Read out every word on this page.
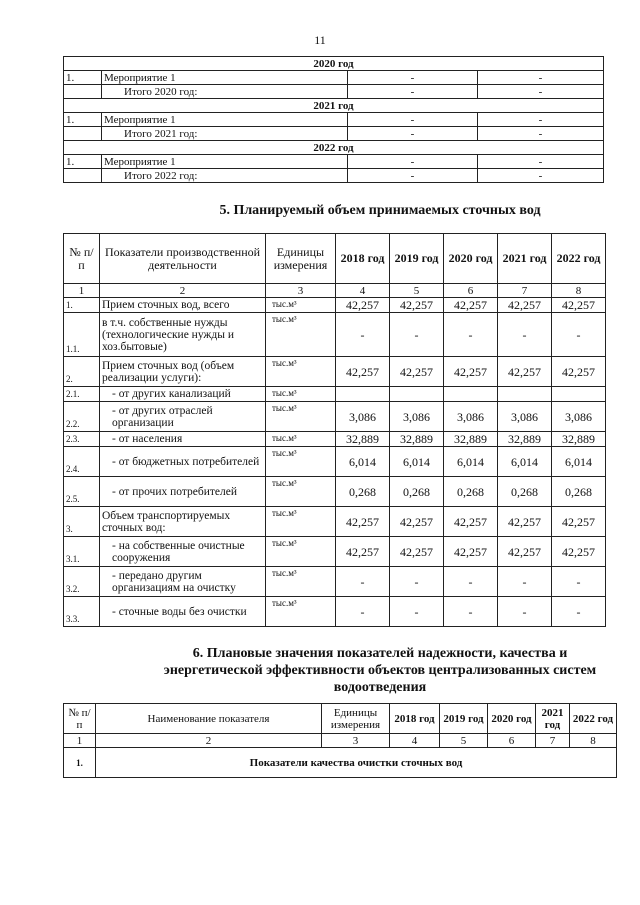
11
2020 год			
1.	Мероприятие 1	-	-
	Итого 2020 год:	-	-
2021 год			
1.	Мероприятие 1	-	-
	Итого 2021 год:	-	-
2022 год			
1.	Мероприятие 1	-	-
	Итого 2022 год:	-	-
5. Планируемый объем принимаемых сточных вод
№ п/ п	Показатели производственной деятельности	Единицы измерения	2018 год	2019 год	2020 год	2021 год	2022 год
1	2	3	4	5	6	7	8
1.	Прием сточных вод, всего	тыс.м³	42,257	42,257	42,257	42,257	42,257
1.1.	в т.ч. собственные нужды (технологические нужды и хоз.бытовые)	тыс.м³	-	-	-	-	-
2.	Прием сточных вод (объем реализации услуги):	тыс.м³	42,257	42,257	42,257	42,257	42,257
2.1.	- от других канализаций	тыс.м³					
2.2.	- от других отраслей организации	тыс.м³	3,086	3,086	3,086	3,086	3,086
2.3.	- от населения	тыс.м³	32,889	32,889	32,889	32,889	32,889
2.4.	- от бюджетных потребителей	тыс.м³	6,014	6,014	6,014	6,014	6,014
2.5.	- от прочих потребителей	тыс.м³	0,268	0,268	0,268	0,268	0,268
3.	Объем транспортируемых сточных вод:	тыс.м³	42,257	42,257	42,257	42,257	42,257
3.1.	- на собственные очистные сооружения	тыс.м³	42,257	42,257	42,257	42,257	42,257
3.2.	- передано другим организациям на очистку	тыс.м³	-	-	-	-	-
3.3.	- сточные воды без очистки	тыс.м³	-	-	-	-	-
6. Плановые значения показателей надежности, качества и энергетической эффективности объектов централизованных систем водоотведения
№ п/п	Наименование показателя	Единицы измерения	2018 год	2019 год	2020 год	2021 год	2022 год
1	2	3	4	5	6	7	8
1.	Показатели качества очистки сточных вод						
